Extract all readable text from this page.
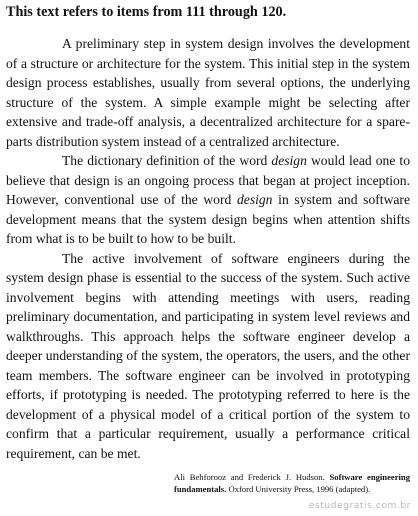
This text refers to items from 111 through 120.

A preliminary step in system design involves the development of a structure or architecture for the system. This initial step in the system design process establishes, usually from several options, the underlying structure of the system. A simple example might be selecting after extensive and trade-off analysis, a decentralized architecture for a spare-parts distribution system instead of a centralized architecture.

The dictionary definition of the word design would lead one to believe that design is an ongoing process that began at project inception. However, conventional use of the word design in system and software development means that the system design begins when attention shifts from what is to be built to how to be built.

The active involvement of software engineers during the system design phase is essential to the success of the system. Such active involvement begins with attending meetings with users, reading preliminary documentation, and participating in system level reviews and walkthroughs. This approach helps the software engineer develop a deeper understanding of the system, the operators, the users, and the other team members. The software engineer can be involved in prototyping efforts, if prototyping is needed. The prototyping referred to here is the development of a physical model of a critical portion of the system to confirm that a particular requirement, usually a performance critical requirement, can be met.

Ali Behforooz and Frederick J. Hudson. Software engineering fundamentals. Oxford University Press, 1996 (adapted).
estudegratis.com.br
